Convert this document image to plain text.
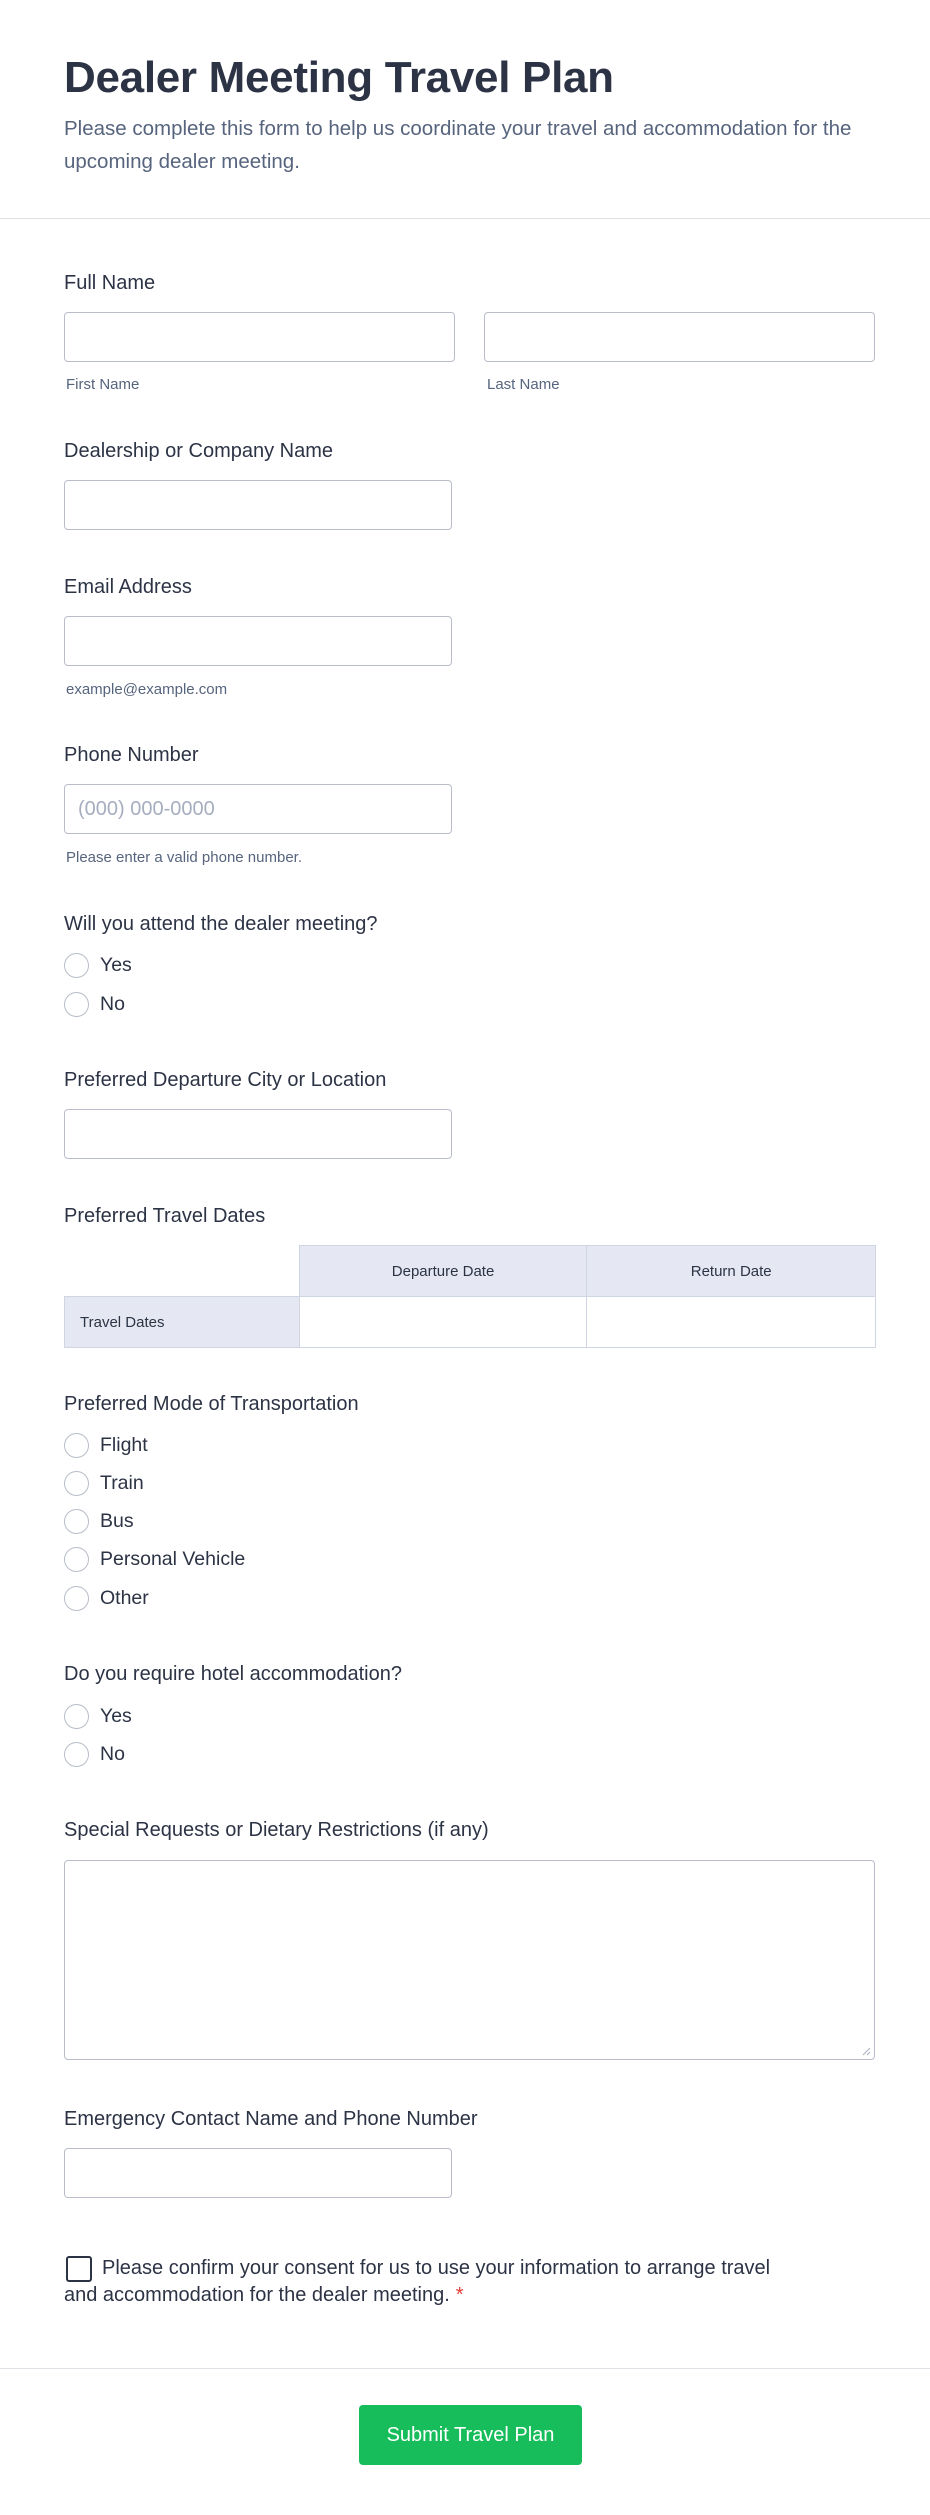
Dealer Meeting Travel Plan
Please complete this form to help us coordinate your travel and accommodation for the upcoming dealer meeting.
Full Name
First Name	Last Name
Dealership or Company Name
Email Address
example@example.com
Phone Number
(000) 000-0000
Please enter a valid phone number.
Will you attend the dealer meeting?
Yes
No
Preferred Departure City or Location
Preferred Travel Dates
	Departure Date	Return Date
Travel Dates		
Preferred Mode of Transportation
Flight
Train
Bus
Personal Vehicle
Other
Do you require hotel accommodation?
Yes
No
Special Requests or Dietary Restrictions (if any)
Emergency Contact Name and Phone Number
Please confirm your consent for us to use your information to arrange travel and accommodation for the dealer meeting. *
Submit Travel Plan
